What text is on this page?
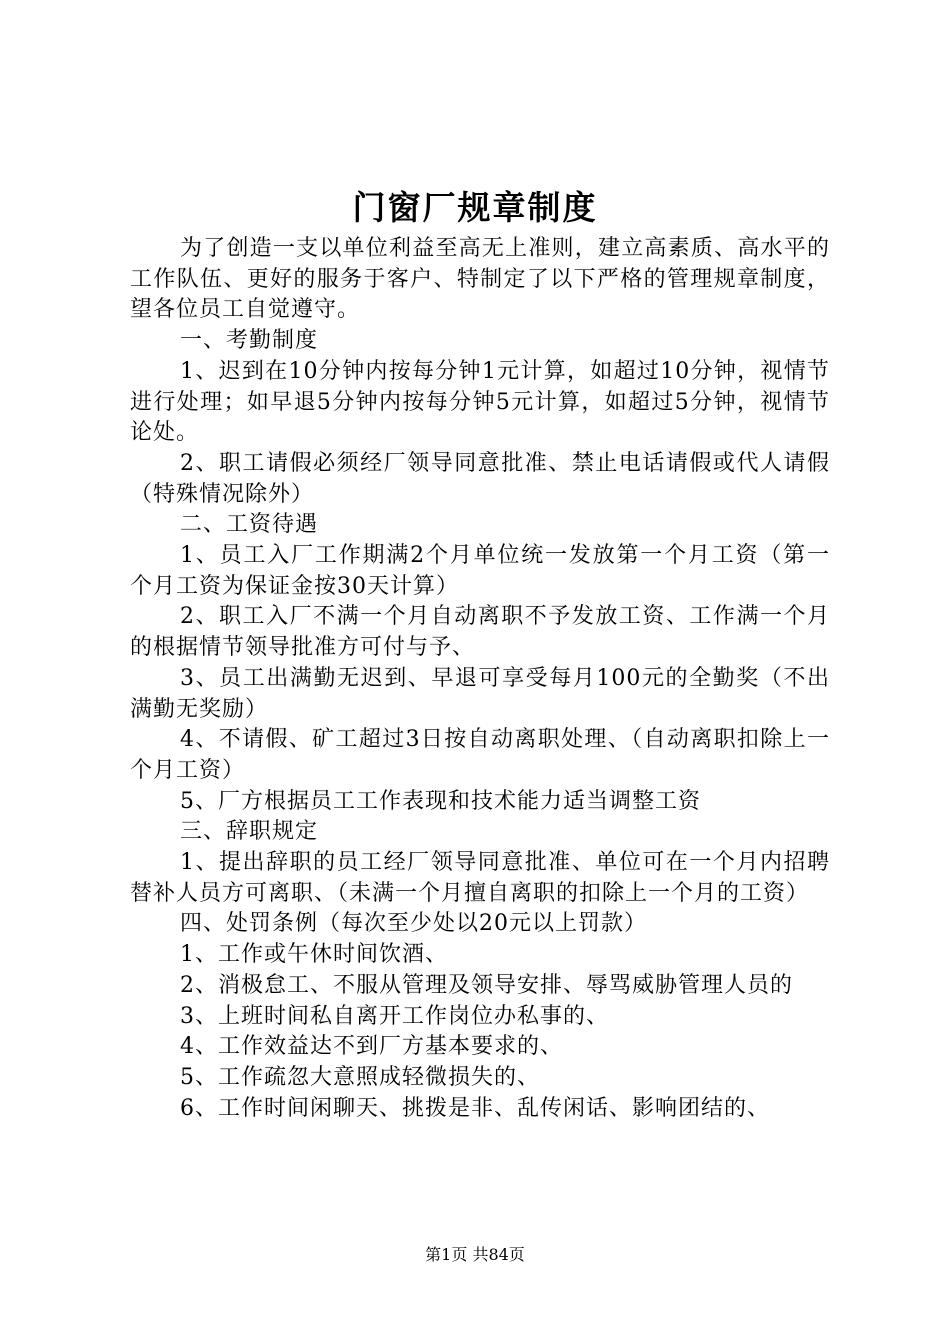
门窗厂规章制度

为了创造一支以单位利益至高无上准则，建立高素质、高水平的工作队伍、更好的服务于客户、特制定了以下严格的管理规章制度，望各位员工自觉遵守。

一、考勤制度

1、迟到在10分钟内按每分钟1元计算，如超过10分钟，视情节进行处理；如早退5分钟内按每分钟5元计算，如超过5分钟，视情节论处。

2、职工请假必须经厂领导同意批准、禁止电话请假或代人请假（特殊情况除外）

二、工资待遇

1、员工入厂工作期满2个月单位统一发放第一个月工资（第一个月工资为保证金按30天计算）

2、职工入厂不满一个月自动离职不予发放工资、工作满一个月的根据情节领导批准方可付与予、

3、员工出满勤无迟到、早退可享受每月100元的全勤奖（不出满勤无奖励）

4、不请假、矿工超过3日按自动离职处理、（自动离职扣除上一个月工资）

5、厂方根据员工工作表现和技术能力适当调整工资

三、辞职规定

1、提出辞职的员工经厂领导同意批准、单位可在一个月内招聘替补人员方可离职、（未满一个月擅自离职的扣除上一个月的工资）

四、处罚条例（每次至少处以20元以上罚款）

1、工作或午休时间饮酒、

2、消极怠工、不服从管理及领导安排、辱骂威胁管理人员的

3、上班时间私自离开工作岗位办私事的、

4、工作效益达不到厂方基本要求的、

5、工作疏忽大意照成轻微损失的、

6、工作时间闲聊天、挑拨是非、乱传闲话、影响团结的、

第1页 共84页
